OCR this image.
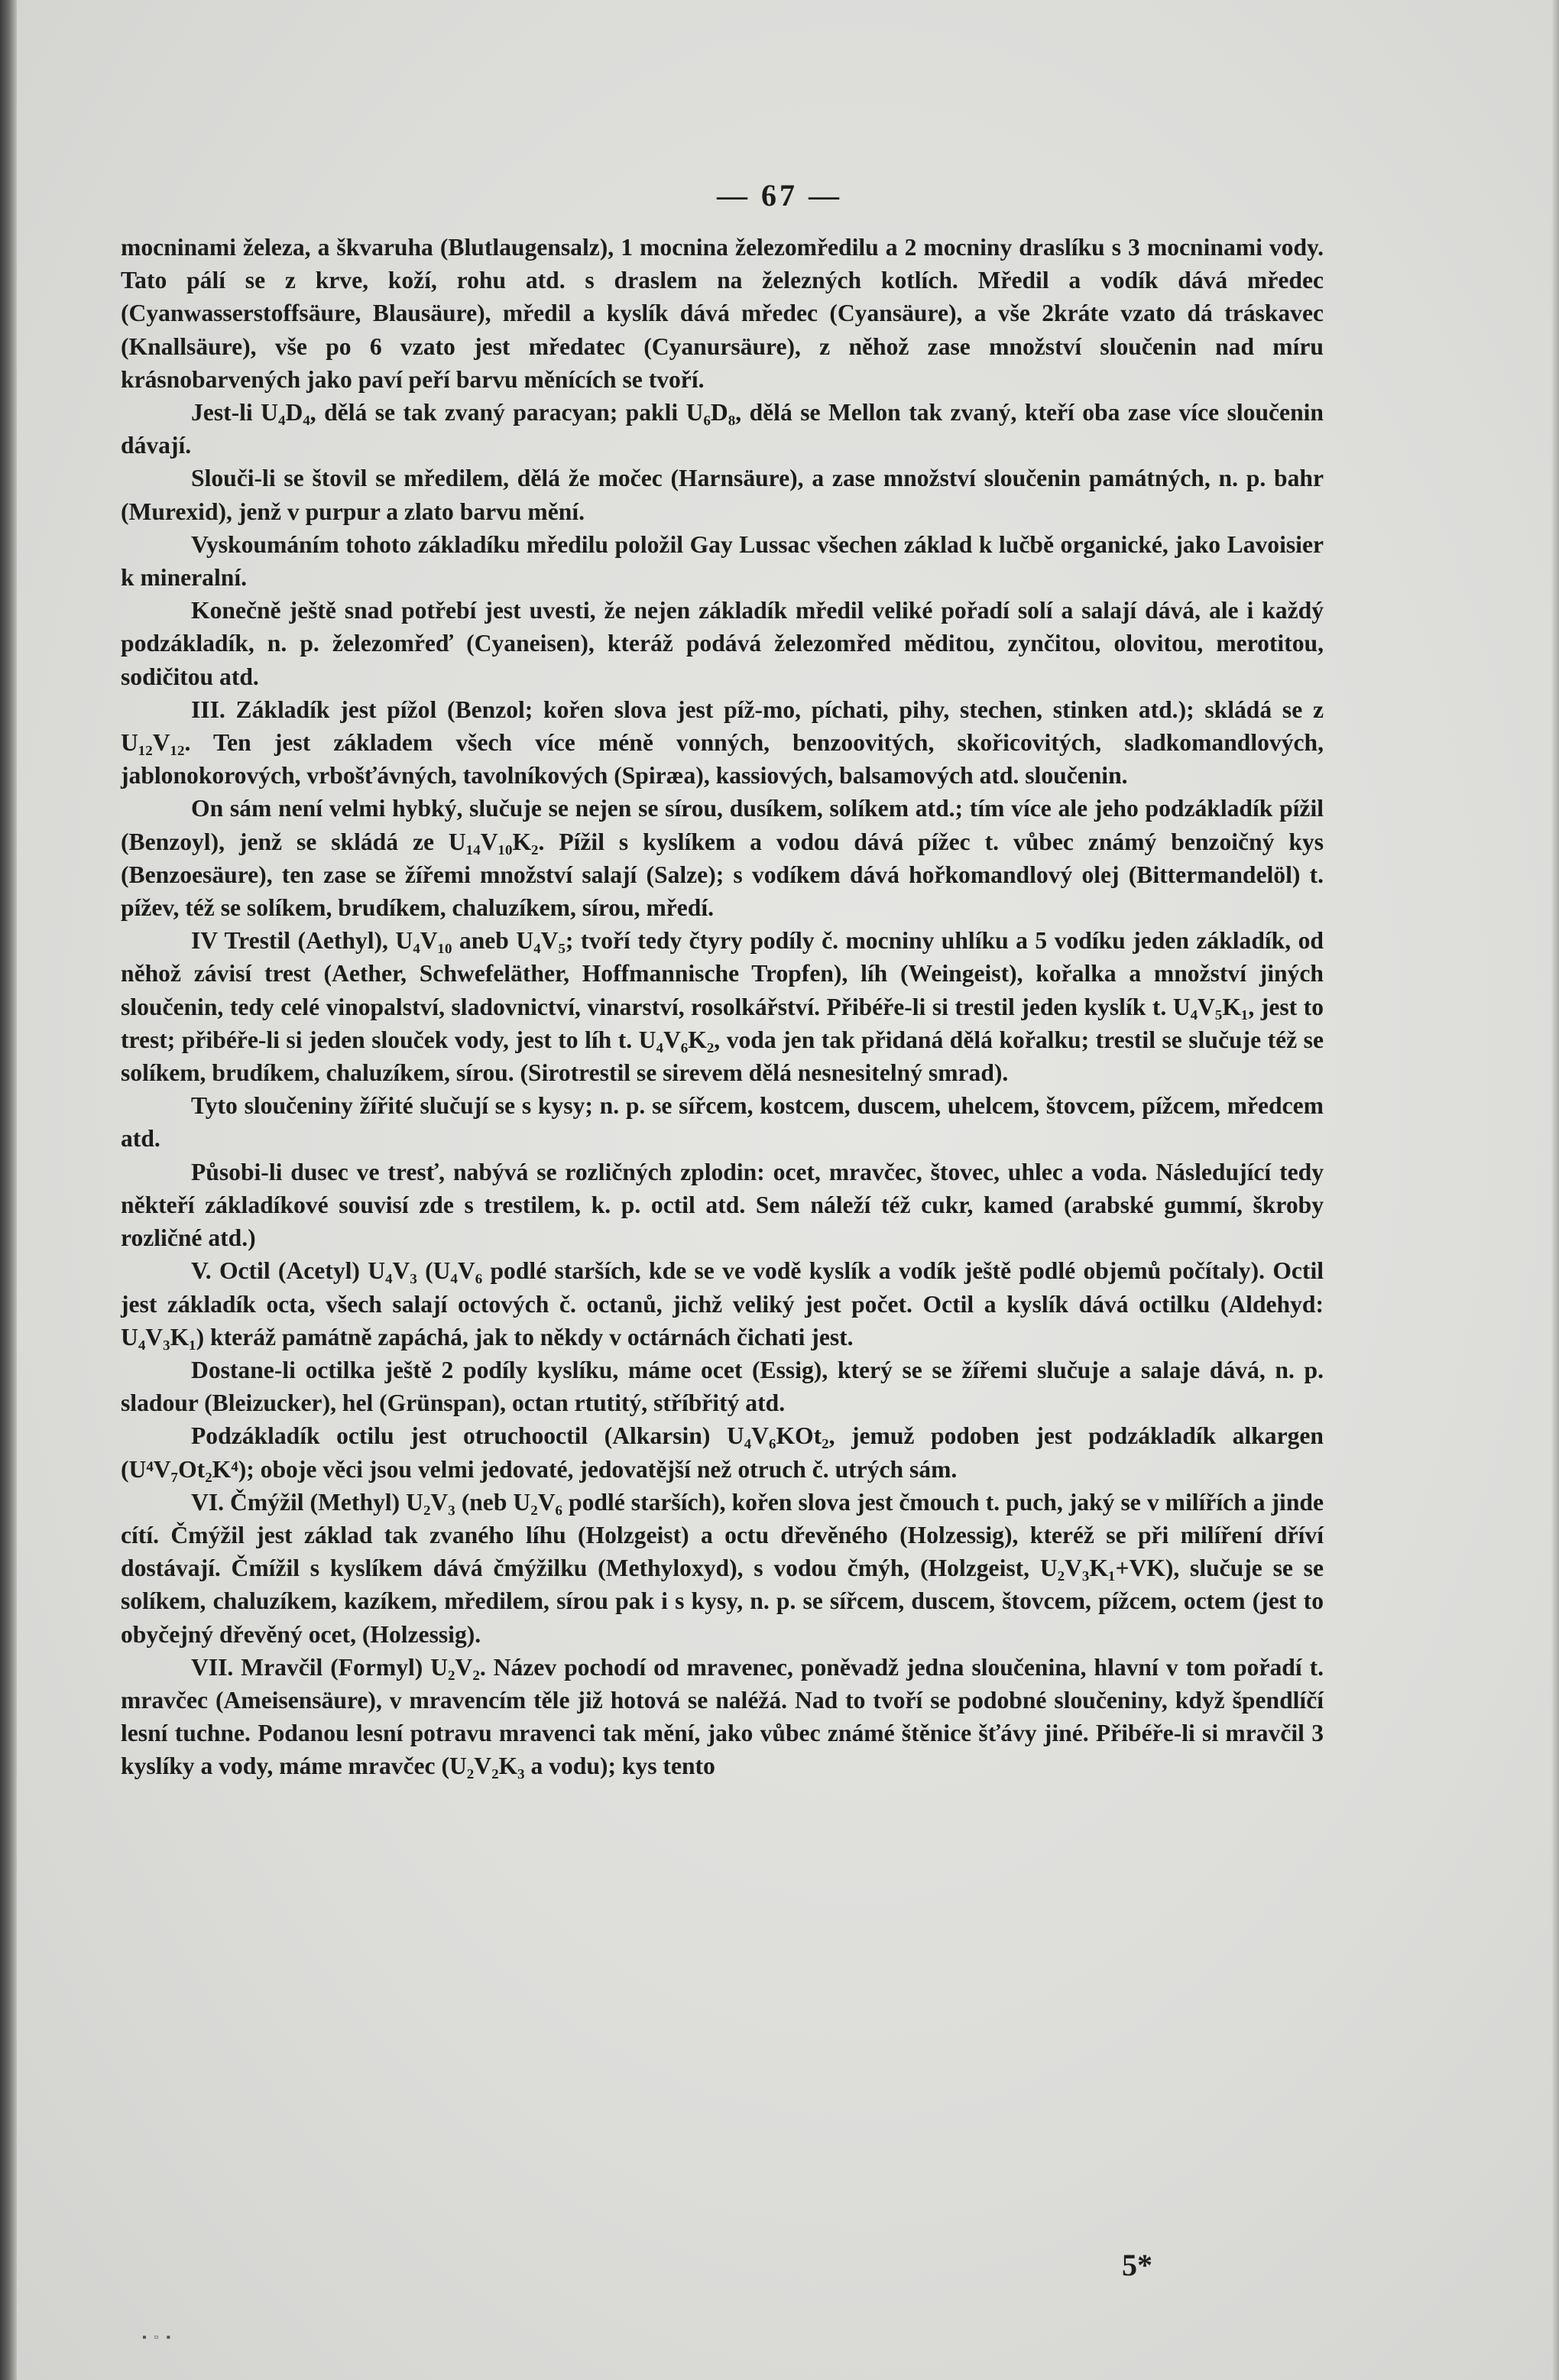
— 67 —

mocninami železa, a škvaruha (Blutlaugensalz), 1 mocnina železomředilu a 2 mocniny draslíku s 3 mocninami vody. Tato pálí se z krve, koží, rohu atd. s draslem na železných kotlích. Mředil a vodík dává mředec (Cyanwasserstoffsäure, Blausäure), mředil a kyslík dává mředec (Cyansäure), a vše 2kráte vzato dá tráskavec (Knallsäure), vše po 6 vzato jest mředatec (Cyanursäure), z něhož zase množství sloučenin nad míru krásnobarvených jako paví peří barvu měnících se tvoří.

Jest-li U₄D₄, dělá se tak zvaný paracyan; pakli U₆D₈, dělá se Mellon tak zvaný, kteří oba zase více sloučenin dávají.

Slouči-li se štovil se mředilem, dělá že močec (Harnsäure), a zase množství sloučenin památných, n. p. bahr (Murexid), jenž v purpur a zlato barvu mění.

Vyskoumáním tohoto základíku mředilu položil Gay Lussac všechen základ k lučbě organické, jako Lavoisier k mineralní.

Konečně ještě snad potřebí jest uvesti, že nejen základík mředil veliké pořadí solí a salají dává, ale i každý podzákladík, n. p. železomřeď (Cyaneisen), kteráž podává železomřed měditou, zynčitou, olovitou, merotitou, sodičitou atd.

III. Základík jest pížol (Benzol; kořen slova jest píž-mo, píchati, pihy, stechen, stinken atd.); skládá se z U₁₂V₁₂. Ten jest základem všech více méně vonných, benzoovitých, skořicovitých, sladkomandlových, jablonokorových, vrbošťávných, tavolníkových (Spiræa), kassiových, balsamových atd. sloučenin.

On sám není velmi hybký, slučuje se nejen se sírou, dusíkem, solíkem atd.; tím více ale jeho podzákladík pížil (Benzoyl), jenž se skládá ze U₁₄V₁₀K₂. Pížil s kyslíkem a vodou dává pížec t. vůbec známý benzoičný kys (Benzoesäure), ten zase se žířemi množství salají (Salze); s vodíkem dává hořkomandlový olej (Bittermandelöl) t. pížev, též se solíkem, brudíkem, chaluzíkem, sírou, mředí.

IV Trestil (Aethyl), U₄V₁₀ aneb U₄V₅; tvoří tedy čtyry podíly č. mocniny uhlíku a 5 vodíku jeden základík, od něhož závisí trest (Aether, Schwefeläther, Hoffmannische Tropfen), líh (Weingeist), kořalka a množství jiných sloučenin, tedy celé vinopalství, sladovnictví, vinarství, rosolkářství. Přibéře-li si trestil jeden kyslík t. U₄V₅K₁, jest to trest; přibéře-li si jeden slouček vody, jest to líh t. U₄V₆K₂, voda jen tak přidaná dělá kořalku; trestil se slučuje též se solíkem, brudíkem, chaluzíkem, sírou. (Sirotrestil se sirevem dělá nesnesitelný smrad).

Tyto sloučeniny žířité slučují se s kysy; n. p. se sířcem, kostcem, duscem, uhelcem, štovcem, pížcem, mředcem atd.

Působi-li dusec ve tresť, nabývá se rozličných zplodin: ocet, mravčec, štovec, uhlec a voda. Následující tedy někteří základíkové souvisí zde s trestilem, k. p. octil atd. Sem náleží též cukr, kamed (arabské gummí, škroby rozličné atd.)

V. Octil (Acetyl) U₄V₃ (U₄V₆ podlé starších, kde se ve vodě kyslík a vodík ještě podlé objemů počítaly). Octil jest základík octa, všech salají octových č. octanů, jichž veliký jest počet. Octil a kyslík dává octilku (Aldehyd: U₄V₃K₁) kteráž památně zapáchá, jak to někdy v octárnách čichati jest.

Dostane-li octilka ještě 2 podíly kyslíku, máme ocet (Essig), který se se žířemi slučuje a salaje dává, n. p. sladour (Bleizucker), hel (Grünspan), octan rtutitý, stříbřitý atd.

Podzákladík octilu jest otruchooctil (Alkarsin) U₄V₆KOt₂, jemuž podoben jest podzákladík alkargen (U⁴V₇Ot₂K⁴); oboje věci jsou velmi jedovaté, jedovatější než otruch č. utrých sám.

VI. Čmýžil (Methyl) U₂V₃ (neb U₂V₆ podlé starších), kořen slova jest čmouch t. puch, jaký se v milířích a jinde cítí. Čmýžil jest základ tak zvaného líhu (Holzgeist) a octu dřevěného (Holzessig), kteréž se při milíření dříví dostávají. Čmížil s kyslíkem dává čmýžilku (Methyloxyd), s vodou čmýh, (Holzgeist, U₂V₃K₁+VK), slučuje se se solíkem, chaluzíkem, kazíkem, mředilem, sírou pak i s kysy, n. p. se sířcem, duscem, štovcem, pížcem, octem (jest to obyčejný dřevěný ocet, (Holzessig).

VII. Mravčil (Formyl) U₂V₂. Název pochodí od mravenec, poněvadž jedna sloučenina, hlavní v tom pořadí t. mravčec (Ameisensäure), v mravencím těle již hotová se naléžá. Nad to tvoří se podobné sloučeniny, když špendlíčí lesní tuchne. Podanou lesní potravu mravenci tak mění, jako vůbec známé štěnice šťávy jiné. Přibéře-li si mravčil 3 kyslíky a vody, máme mravčec (U₂V₂K₃ a vodu); kys tento

5*
▪ ▫ ▪
